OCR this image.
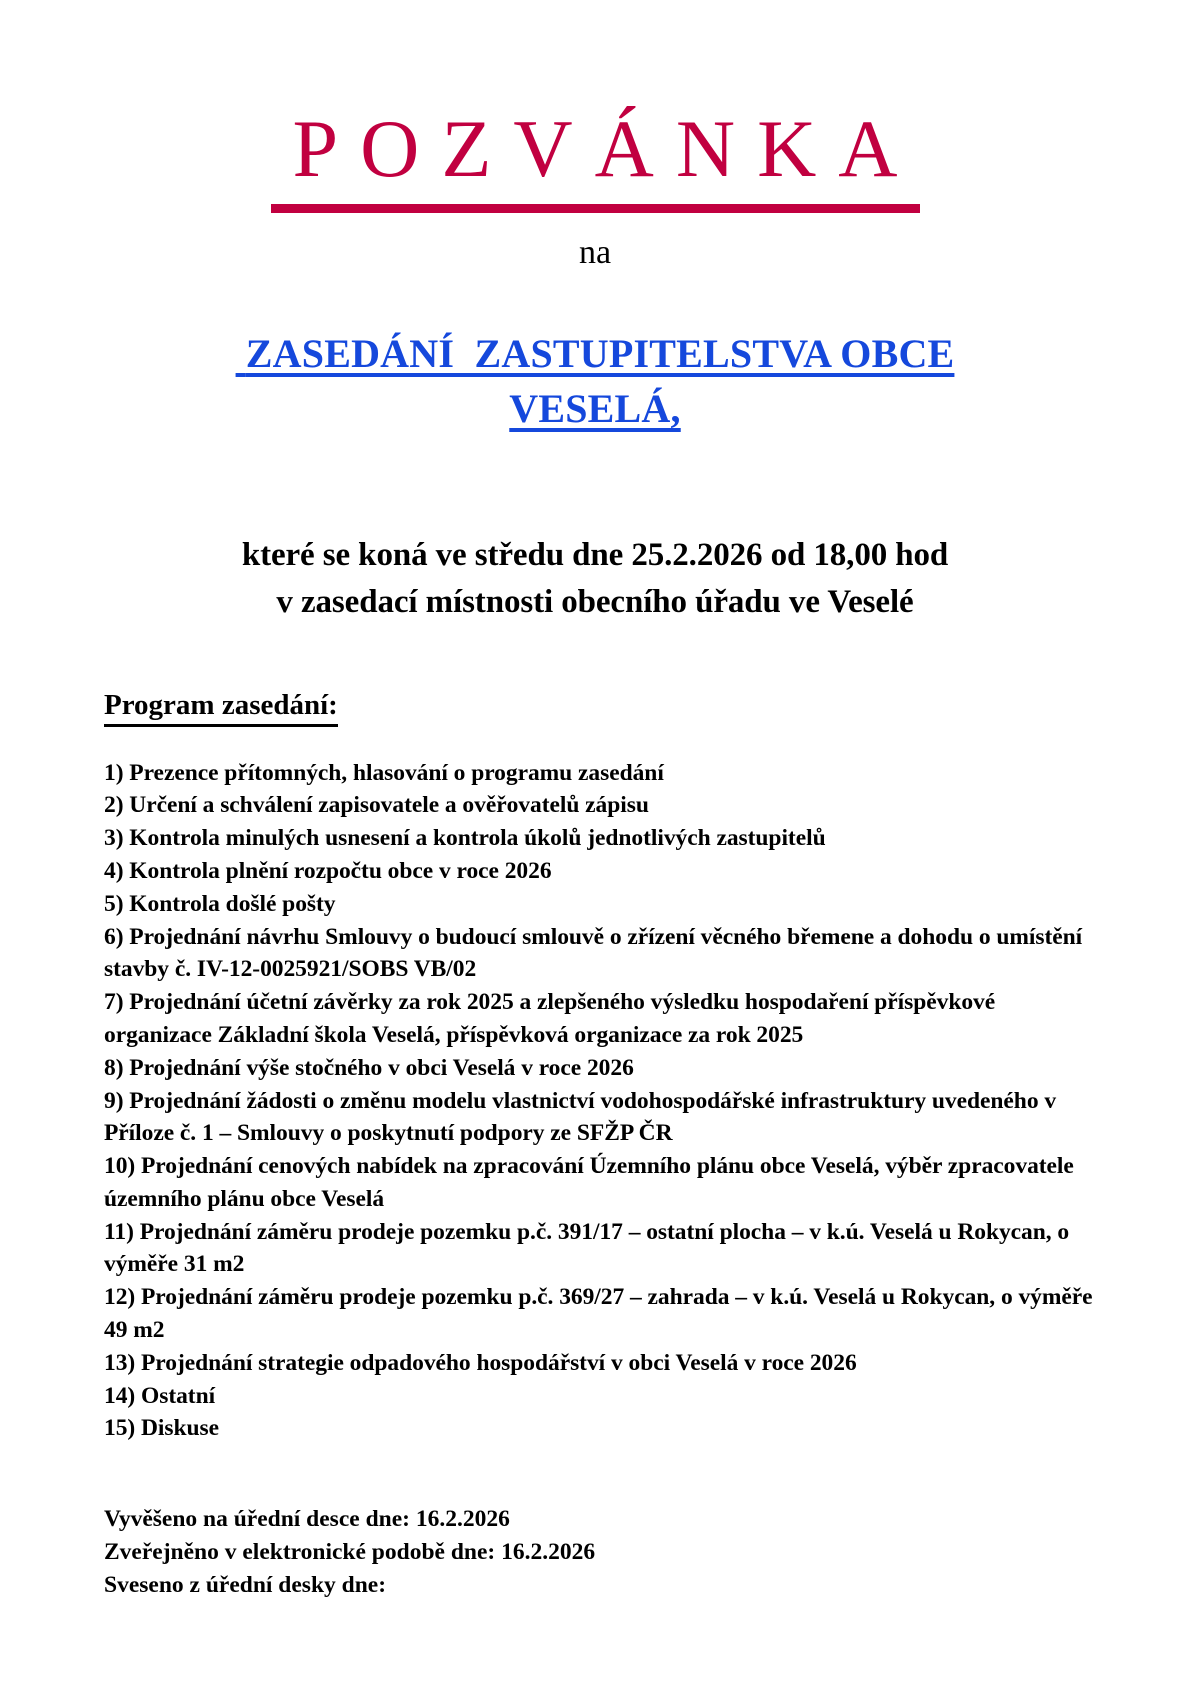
POZVÁNKA
na
ZASEDÁNÍ  ZASTUPITELSTVA OBCE
VESELÁ,
které se koná ve středu dne 25.2.2026 od 18,00 hod
v zasedací místnosti obecního úřadu ve Veselé
Program zasedání:
1) Prezence přítomných, hlasování o programu zasedání
2) Určení a schválení zapisovatele a ověřovatelů zápisu
3) Kontrola minulých usnesení a kontrola úkolů jednotlivých zastupitelů
4) Kontrola plnění rozpočtu obce v roce 2026
5) Kontrola došlé pošty
6) Projednání návrhu Smlouvy o budoucí smlouvě o zřízení věcného břemene a dohodu o umístění stavby č. IV-12-0025921/SOBS VB/02
7) Projednání účetní závěrky za rok 2025 a zlepšeného výsledku hospodaření příspěvkové organizace Základní škola Veselá, příspěvková organizace za rok 2025
8) Projednání výše stočného v obci Veselá v roce 2026
9) Projednání žádosti o změnu modelu vlastnictví vodohospodářské infrastruktury uvedeného v Příloze č. 1 – Smlouvy o poskytnutí podpory ze SFŽP ČR
10) Projednání cenových nabídek na zpracování Územního plánu obce Veselá, výběr zpracovatele územního plánu obce Veselá
11) Projednání záměru prodeje pozemku p.č. 391/17 – ostatní plocha – v k.ú. Veselá u Rokycan, o výměře 31 m2
12) Projednání záměru prodeje pozemku p.č. 369/27 – zahrada – v k.ú. Veselá u Rokycan, o výměře 49 m2
13) Projednání strategie odpadového hospodářství v obci Veselá v roce 2026
14) Ostatní
15) Diskuse
Vyvěšeno na úřední desce dne: 16.2.2026
Zveřejněno v elektronické podobě dne: 16.2.2026
Sveseno z úřední desky dne:
